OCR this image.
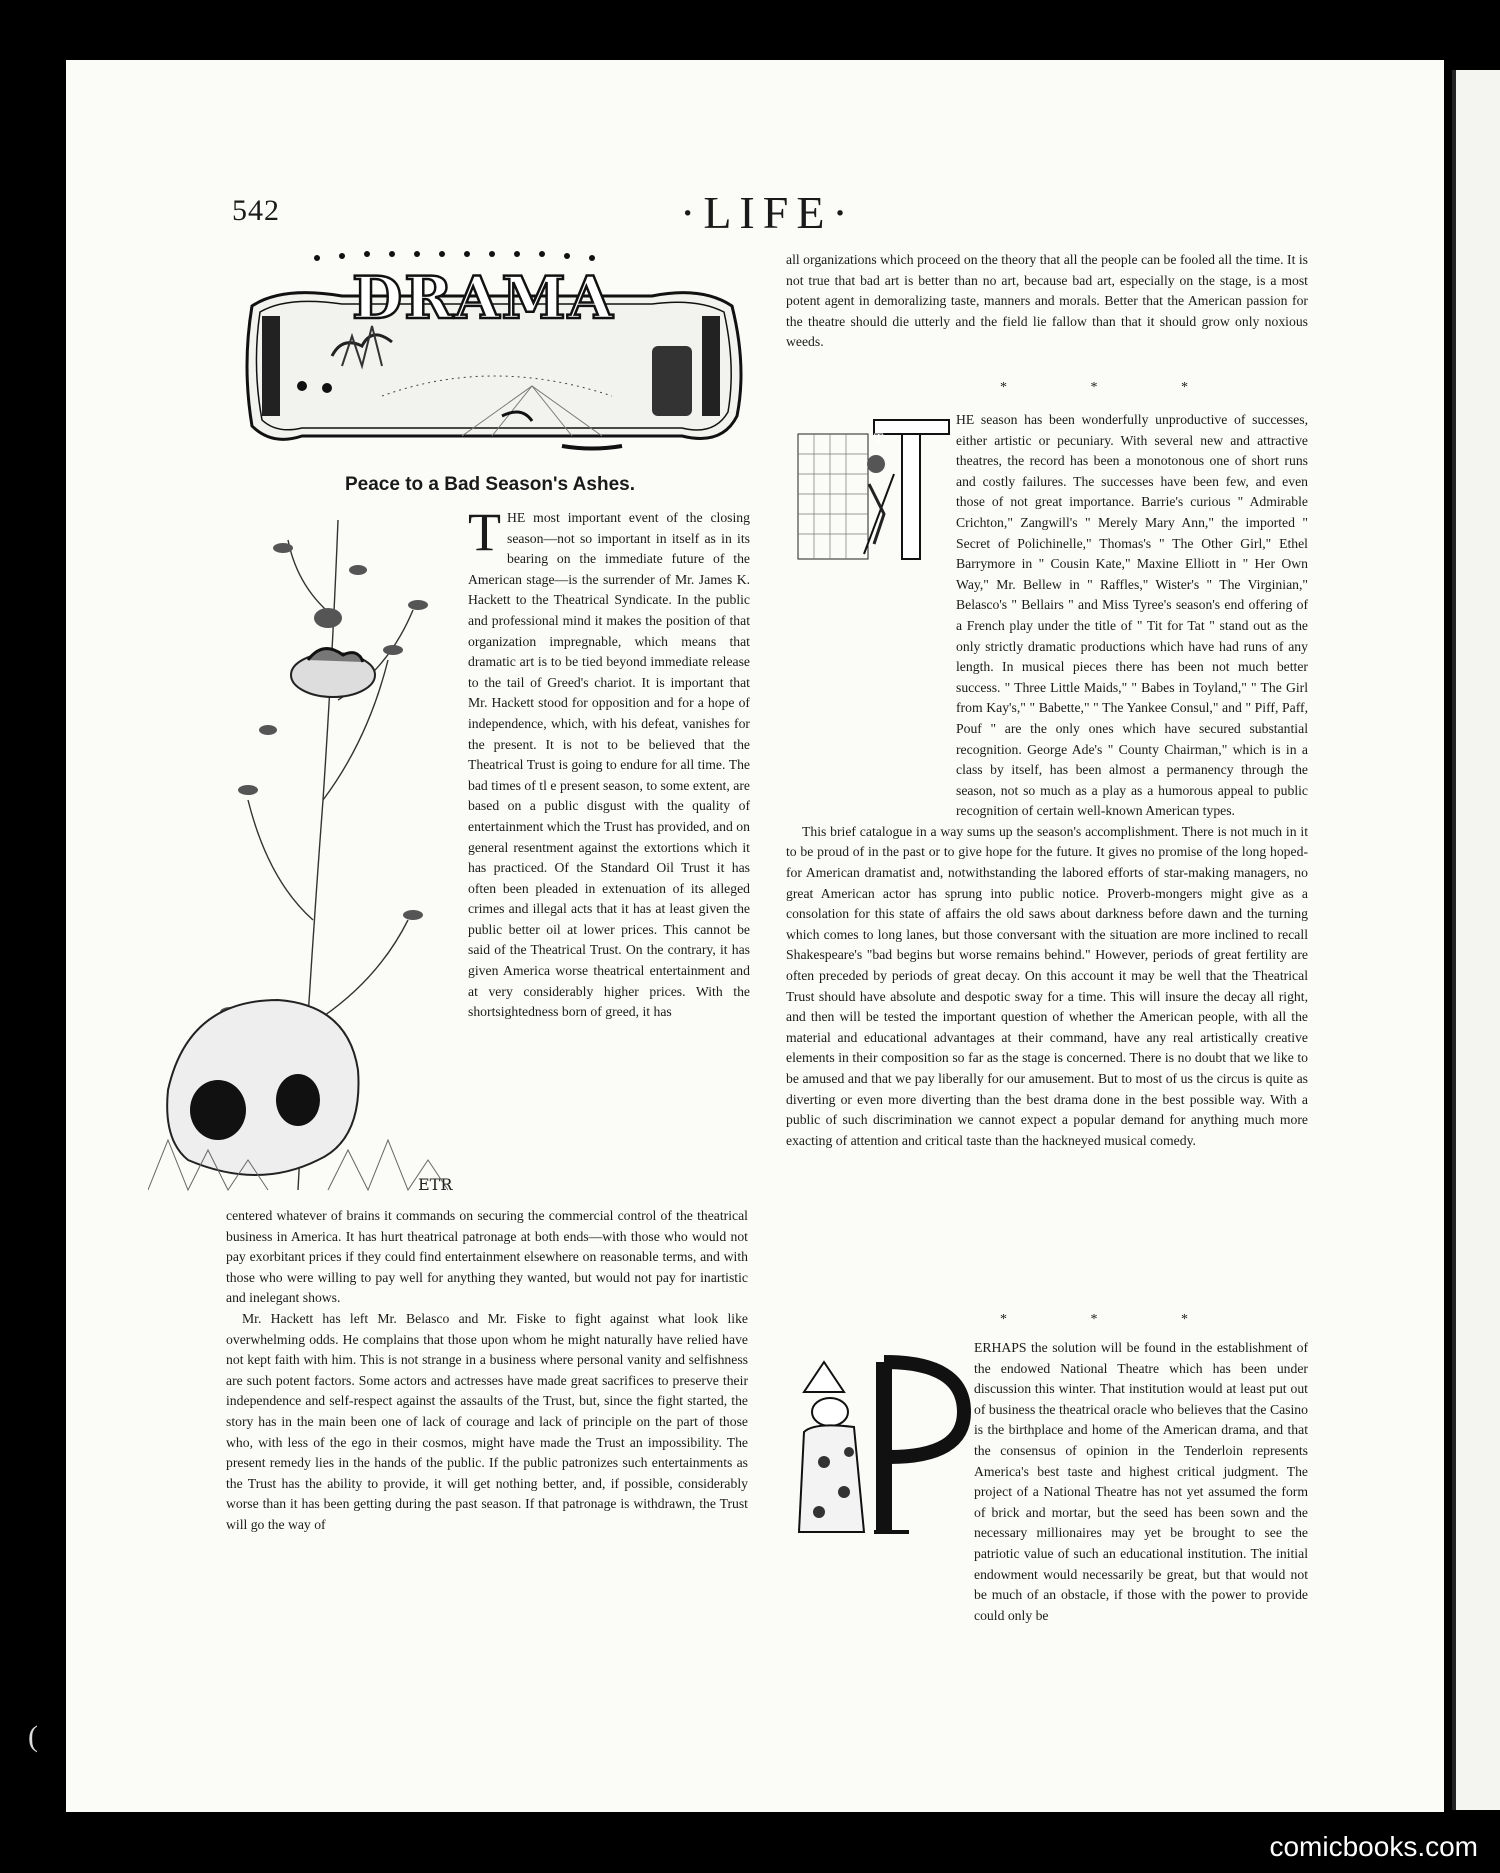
542	·LIFE·
DRAMA
Peace to a Bad Season's Ashes.
ETR

THE most important event of the closing season—not so important in itself as in its bearing on the immediate future of the American stage—is the surrender of Mr. James K. Hackett to the Theatrical Syndicate. In the public and professional mind it makes the position of that organization impregnable, which means that dramatic art is to be tied beyond immediate release to the tail of Greed's chariot. It is important that Mr. Hackett stood for opposition and for a hope of independence, which, with his defeat, vanishes for the present. It is not to be believed that the Theatrical Trust is going to endure for all time. The bad times of tl e present season, to some extent, are based on a public disgust with the quality of entertainment which the Trust has provided, and on general resentment against the extortions which it has practiced. Of the Standard Oil Trust it has often been pleaded in extenuation of its alleged crimes and illegal acts that it has at least given the public better oil at lower prices. This cannot be said of the Theatrical Trust. On the contrary, it has given America worse theatrical entertainment and at very considerably higher prices. With the shortsightedness born of greed, it has

centered whatever of brains it commands on securing the commercial control of the theatrical business in America. It has hurt theatrical patronage at both ends—with those who would not pay exorbitant prices if they could find entertainment elsewhere on reasonable terms, and with those who were willing to pay well for anything they wanted, but would not pay for inartistic and inelegant shows.

Mr. Hackett has left Mr. Belasco and Mr. Fiske to fight against what look like overwhelming odds. He complains that those upon whom he might naturally have relied have not kept faith with him. This is not strange in a business where personal vanity and selfishness are such potent factors. Some actors and actresses have made great sacrifices to preserve their independence and self-respect against the assaults of the Trust, but, since the fight started, the story has in the main been one of lack of courage and lack of principle on the part of those who, with less of the ego in their cosmos, might have made the Trust an impossibility. The present remedy lies in the hands of the public. If the public patronizes such entertainments as the Trust has the ability to provide, it will get nothing better, and, if possible, considerably worse than it has been getting during the past season. If that patronage is withdrawn, the Trust will go the way of

all organizations which proceed on the theory that all the people can be fooled all the time. It is not true that bad art is better than no art, because bad art, especially on the stage, is a most potent agent in demoralizing taste, manners and morals. Better that the American passion for the theatre should die utterly and the field lie fallow than that it should grow only noxious weeds.

* * *
T

HE season has been wonderfully unproductive of successes, either artistic or pecuniary. With several new and attractive theatres, the record has been a monotonous one of short runs and costly failures. The successes have been few, and even those of not great importance. Barrie's curious " Admirable Crichton," Zangwill's " Merely Mary Ann," the imported " Secret of Polichinelle," Thomas's " The Other Girl," Ethel Barrymore in " Cousin Kate," Maxine Elliott in " Her Own Way," Mr. Bellew in " Raffles," Wister's " The Virginian," Belasco's " Bellairs " and Miss Tyree's season's end offering of a French play under the title of " Tit for Tat " stand out as the only strictly dramatic productions which have had runs of any length. In musical pieces there has been not much better success. " Three Little Maids," " Babes in Toyland," " The Girl from Kay's," " Babette," " The Yankee Consul," and " Piff, Paff, Pouf " are the only ones which have secured substantial recognition. George Ade's " County Chairman," which is in a class by itself, has been almost a permanency through the season, not so much as a play as a humorous appeal to public recognition of certain well-known American types.

This brief catalogue in a way sums up the season's accomplishment. There is not much in it to be proud of in the past or to give hope for the future. It gives no promise of the long hoped-for American dramatist and, notwithstanding the labored efforts of star-making managers, no great American actor has sprung into public notice. Proverb-mongers might give as a consolation for this state of affairs the old saws about darkness before dawn and the turning which comes to long lanes, but those conversant with the situation are more inclined to recall Shakespeare's "bad begins but worse remains behind." However, periods of great fertility are often preceded by periods of great decay. On this account it may be well that the Theatrical Trust should have absolute and despotic sway for a time. This will insure the decay all right, and then will be tested the important question of whether the American people, with all the material and educational advantages at their command, have any real artistically creative elements in their composition so far as the stage is concerned. There is no doubt that we like to be amused and that we pay liberally for our amusement. But to most of us the circus is quite as diverting or even more diverting than the best drama done in the best possible way. With a public of such discrimination we cannot expect a popular demand for anything much more exacting of attention and critical taste than the hackneyed musical comedy.

* * *

ERHAPS the solution will be found in the establishment of the endowed National Theatre which has been under discussion this winter. That institution would at least put out of business the theatrical oracle who believes that the Casino is the birthplace and home of the American drama, and that the consensus of opinion in the Tenderloin represents America's best taste and highest critical judgment. The project of a National Theatre has not yet assumed the form of brick and mortar, but the seed has been sown and the necessary millionaires may yet be brought to see the patriotic value of such an educational institution. The initial endowment would necessarily be great, but that would not be much of an obstacle, if those with the power to provide could only be

(
comicbooks.com
